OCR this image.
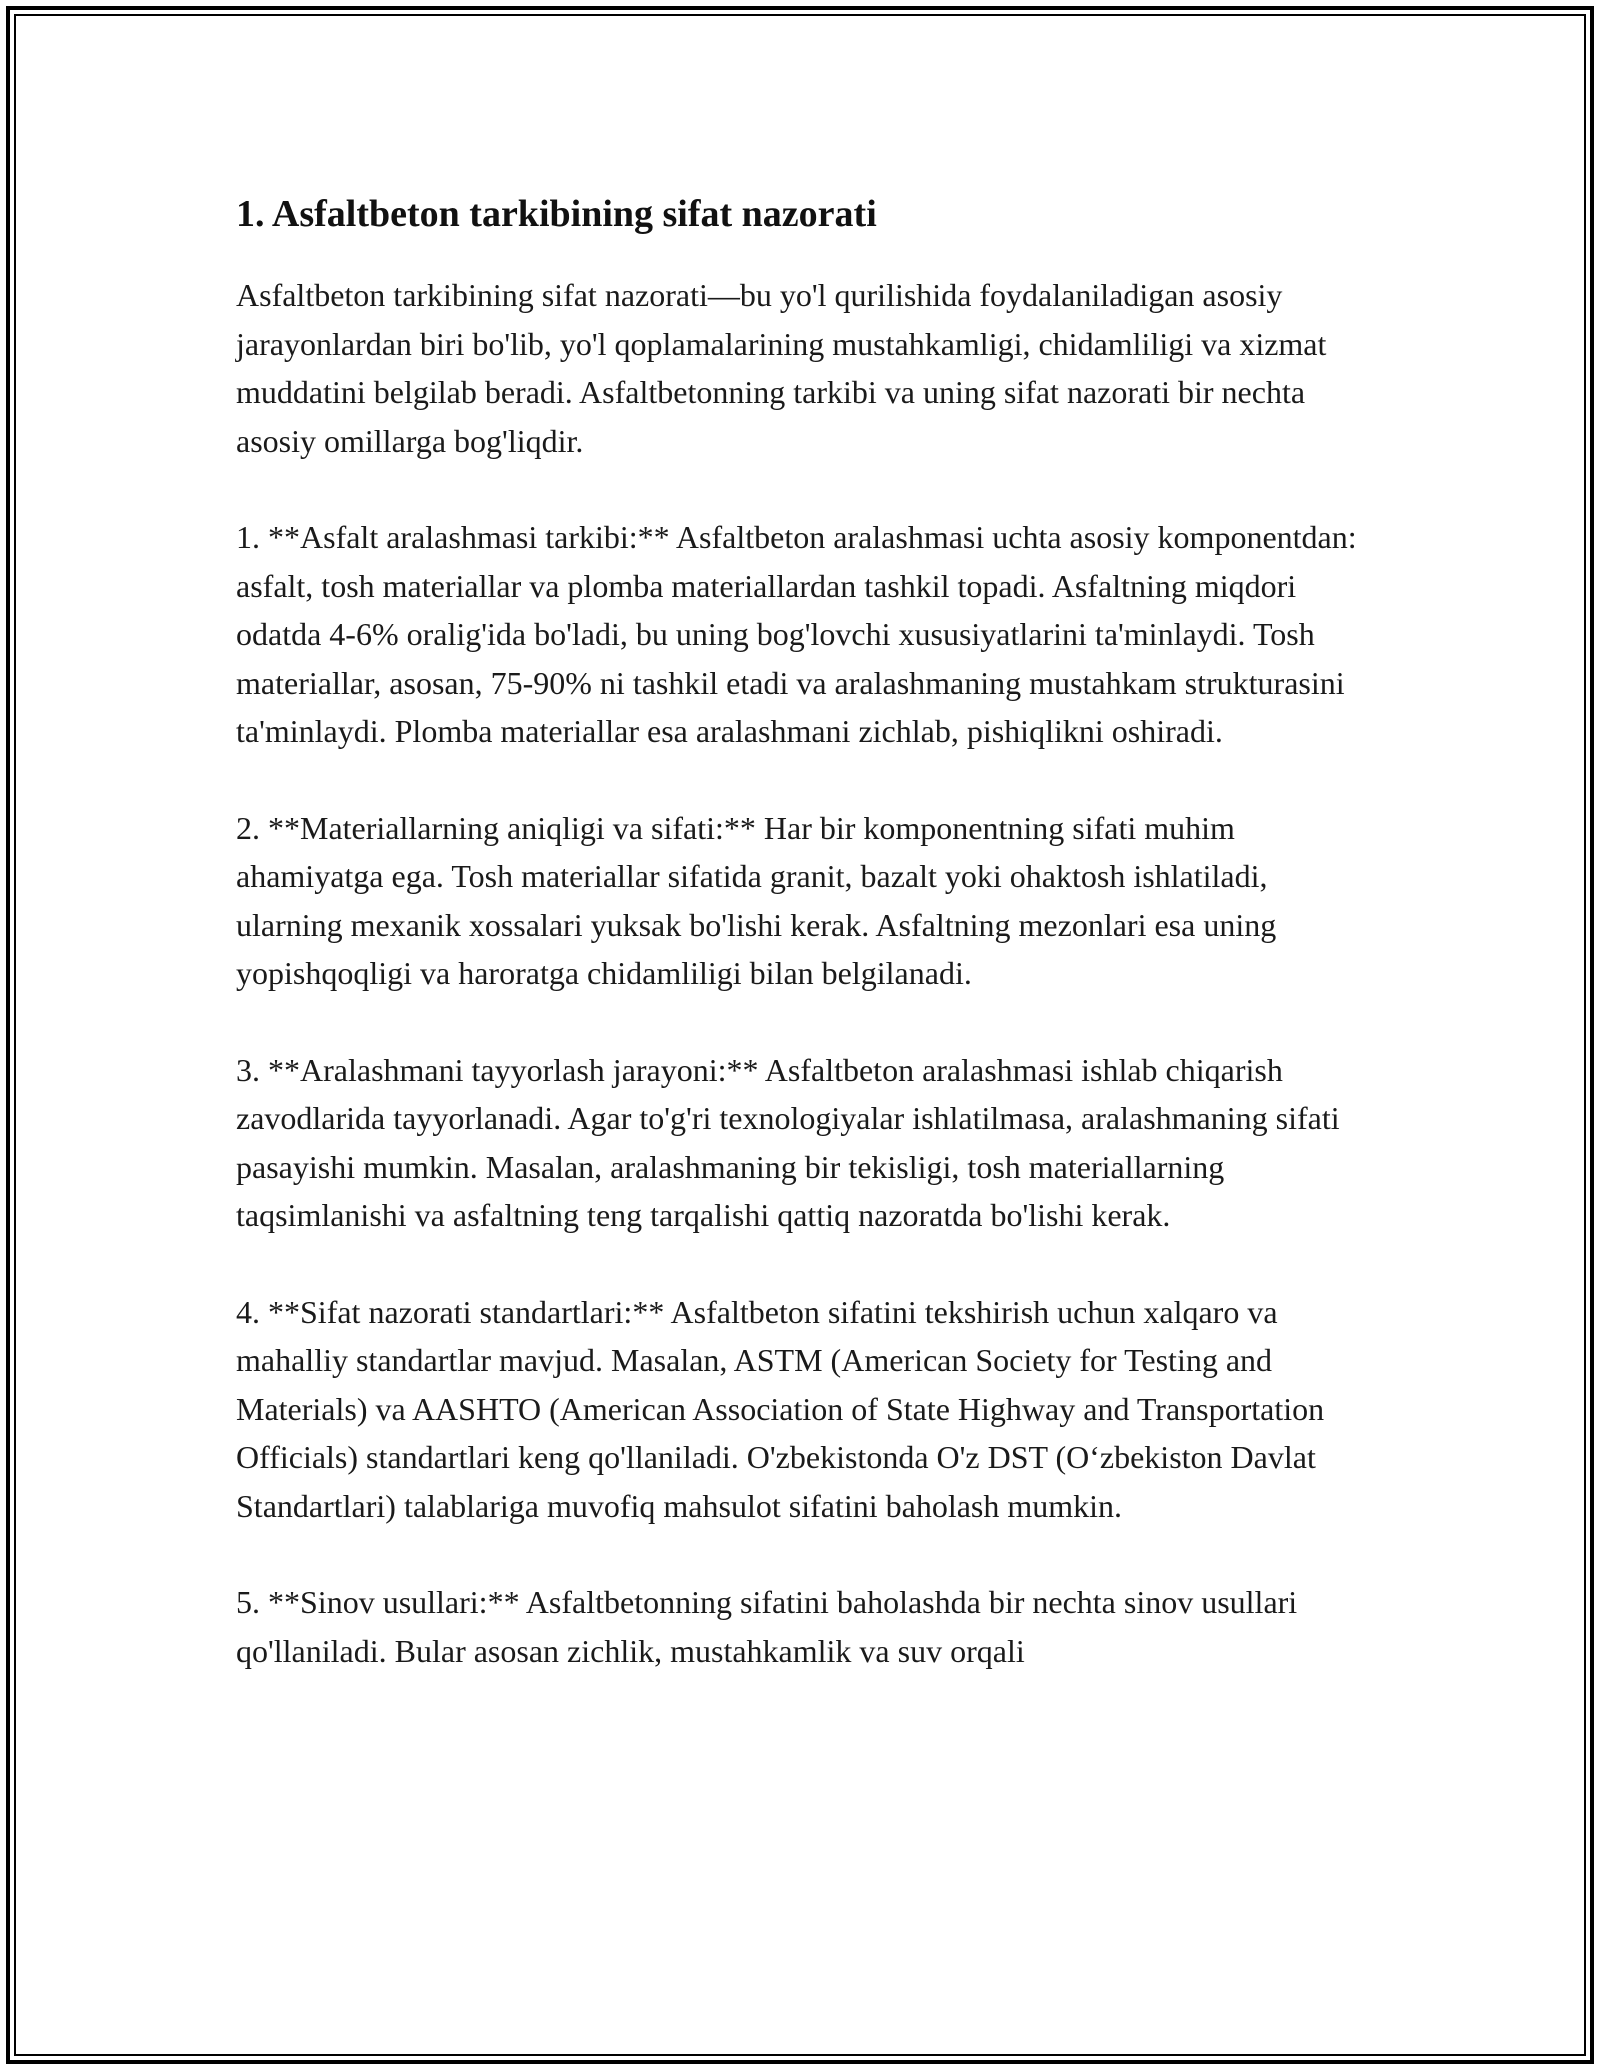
1. Asfaltbeton tarkibining sifat nazorati

Asfaltbeton tarkibining sifat nazorati—bu yo'l qurilishida foydalaniladigan asosiy jarayonlardan biri bo'lib, yo'l qoplamalarining mustahkamligi, chidamliligi va xizmat muddatini belgilab beradi. Asfaltbetonning tarkibi va uning sifat nazorati bir nechta asosiy omillarga bog'liqdir.

1. **Asfalt aralashmasi tarkibi:** Asfaltbeton aralashmasi uchta asosiy komponentdan: asfalt, tosh materiallar va plomba materiallardan tashkil topadi. Asfaltning miqdori odatda 4-6% oralig'ida bo'ladi, bu uning bog'lovchi xususiyatlarini ta'minlaydi. Tosh materiallar, asosan, 75-90% ni tashkil etadi va aralashmaning mustahkam strukturasini ta'minlaydi. Plomba materiallar esa aralashmani zichlab, pishiqlikni oshiradi.

2. **Materiallarning aniqligi va sifati:** Har bir komponentning sifati muhim ahamiyatga ega. Tosh materiallar sifatida granit, bazalt yoki ohaktosh ishlatiladi, ularning mexanik xossalari yuksak bo'lishi kerak. Asfaltning mezonlari esa uning yopishqoqligi va haroratga chidamliligi bilan belgilanadi.

3. **Aralashmani tayyorlash jarayoni:** Asfaltbeton aralashmasi ishlab chiqarish zavodlarida tayyorlanadi. Agar to'g'ri texnologiyalar ishlatilmasa, aralashmaning sifati pasayishi mumkin. Masalan, aralashmaning bir tekisligi, tosh materiallarning taqsimlanishi va asfaltning teng tarqalishi qattiq nazoratda bo'lishi kerak.

4. **Sifat nazorati standartlari:** Asfaltbeton sifatini tekshirish uchun xalqaro va mahalliy standartlar mavjud. Masalan, ASTM (American Society for Testing and Materials) va AASHTO (American Association of State Highway and Transportation Officials) standartlari keng qo'llaniladi. O'zbekistonda O'z DST (O‘zbekiston Davlat Standartlari) talablariga muvofiq mahsulot sifatini baholash mumkin.

5. **Sinov usullari:** Asfaltbetonning sifatini baholashda bir nechta sinov usullari qo'llaniladi. Bular asosan zichlik, mustahkamlik va suv orqali
